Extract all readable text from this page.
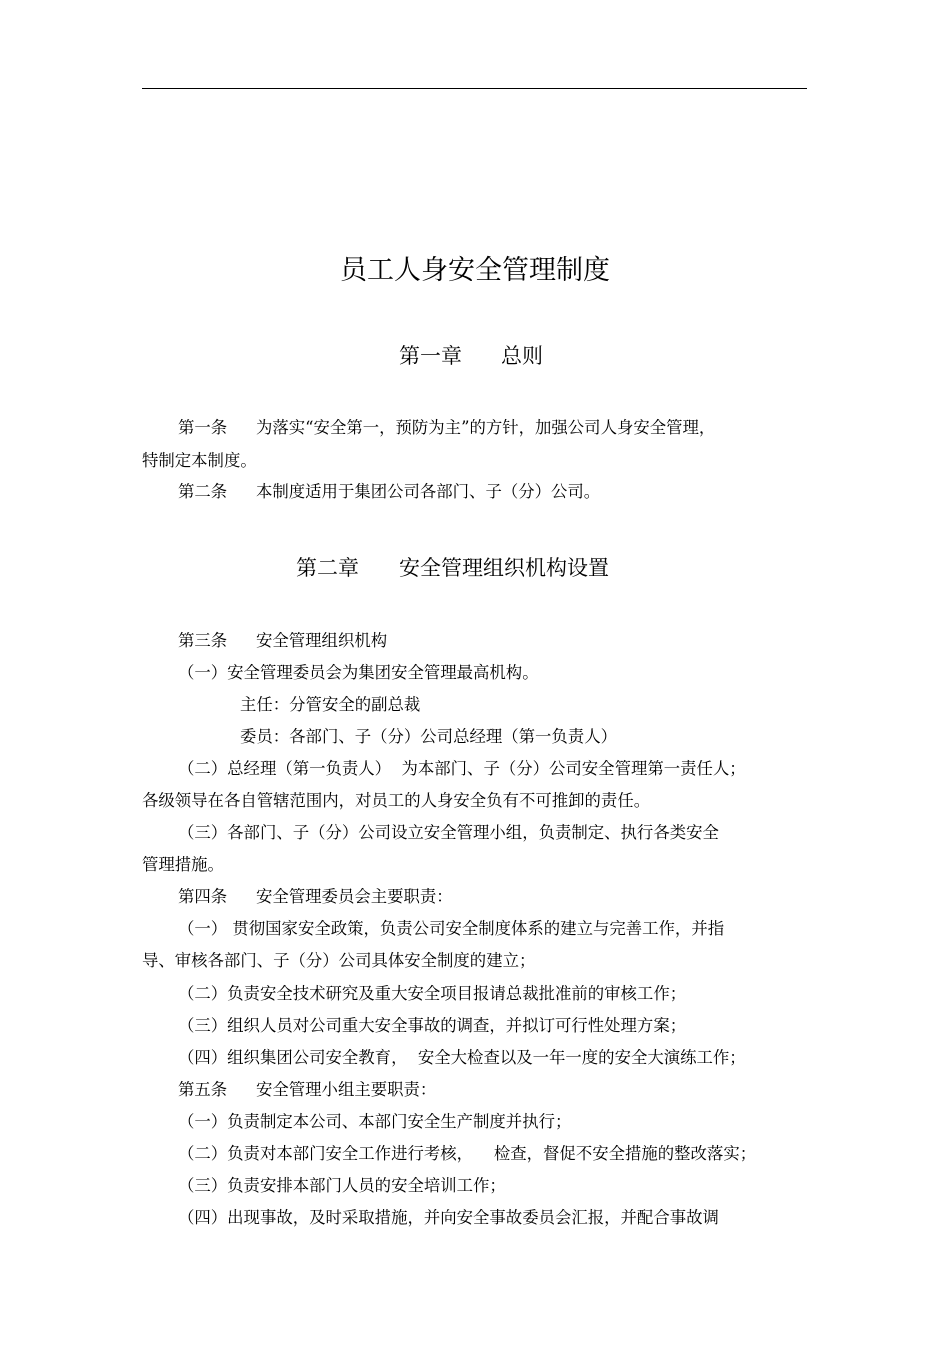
员工人身安全管理制度
第一章 总则
第一条 为落实“安全第一，预防为主”的方针，加强公司人身安全管理，
特制定本制度。
第二条 本制度适用于集团公司各部门、子（分）公司。
第二章 安全管理组织机构设置
第三条 安全管理组织机构
（一）安全管理委员会为集团安全管理最高机构。
主任：分管安全的副总裁
委员：各部门、子（分）公司总经理（第一负责人）
（二）总经理（第一负责人）  为本部门、子（分）公司安全管理第一责任人；
各级领导在各自管辖范围内，对员工的人身安全负有不可推卸的责任。
（三）各部门、子（分）公司设立安全管理小组，负责制定、执行各类安全
管理措施。
第四条 安全管理委员会主要职责：
（一） 贯彻国家安全政策，负责公司安全制度体系的建立与完善工作，并指
导、审核各部门、子（分）公司具体安全制度的建立；
（二）负责安全技术研究及重大安全项目报请总裁批准前的审核工作；
（三）组织人员对公司重大安全事故的调查，并拟订可行性处理方案；
（四）组织集团公司安全教育，  安全大检查以及一年一度的安全大演练工作；
第五条 安全管理小组主要职责：
（一）负责制定本公司、本部门安全生产制度并执行；
（二）负责对本部门安全工作进行考核，    检查，督促不安全措施的整改落实；
（三）负责安排本部门人员的安全培训工作；
（四）出现事故，及时采取措施，并向安全事故委员会汇报，并配合事故调
